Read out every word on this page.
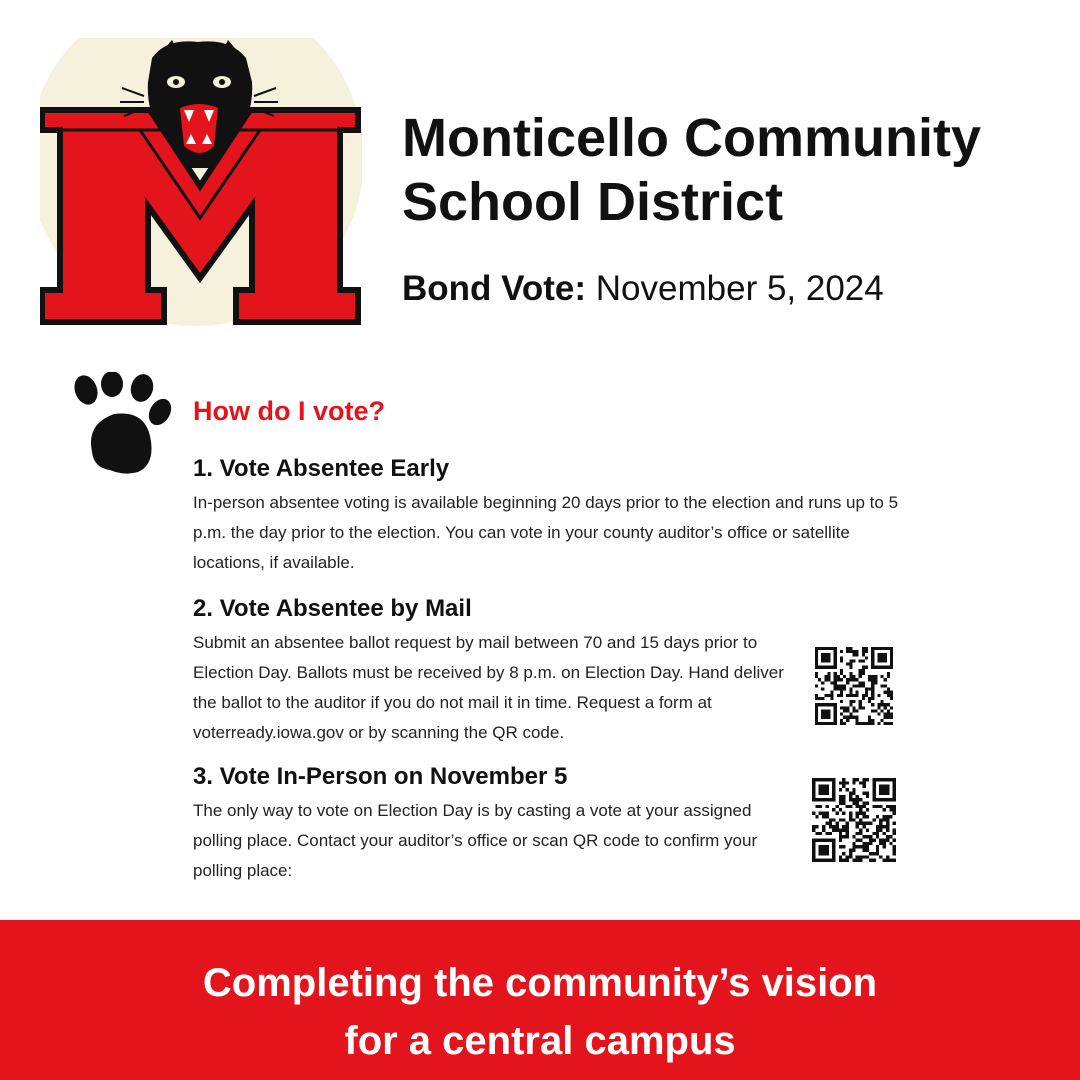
Monticello Community
School District

Bond Vote: November 5, 2024

How do I vote?
1. Vote Absentee Early

In-person absentee voting is available beginning 20 days prior to the election and runs up to 5 p.m. the day prior to the election. You can vote in your county auditor’s office or satellite locations, if available.

2. Vote Absentee by Mail

Submit an absentee ballot request by mail between 70 and 15 days prior to Election Day. Ballots must be received by 8 p.m. on Election Day. Hand deliver the ballot to the auditor if you do not mail it in time. Request a form at voterready.iowa.gov or by scanning the QR code.

3. Vote In-Person on November 5

The only way to vote on Election Day is by casting a vote at your assigned polling place. Contact your auditor’s office or scan QR code to confirm your polling place:

Completing the community’s vision

for a central campus
